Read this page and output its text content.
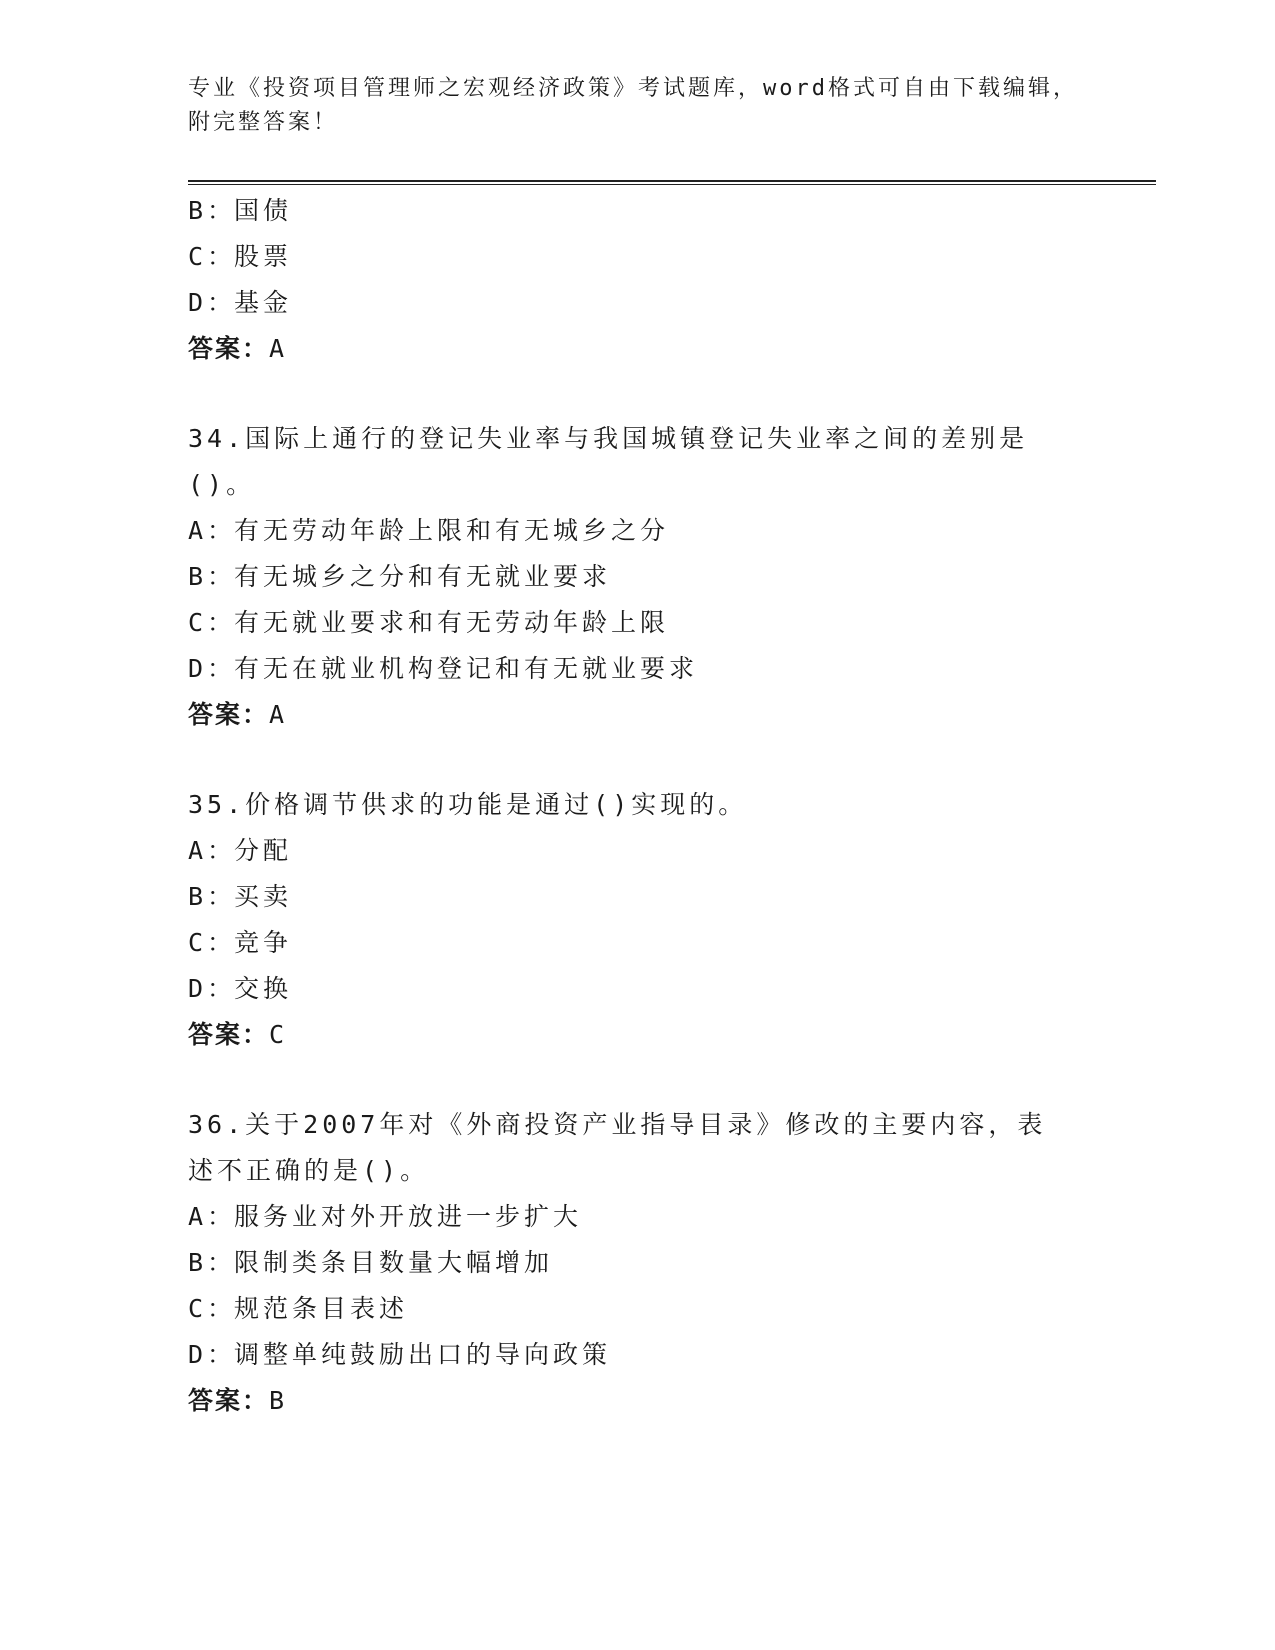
专业《投资项目管理师之宏观经济政策》考试题库，word格式可自由下载编辑，附完整答案！
B：国债
C：股票
D：基金
答案：A
34.国际上通行的登记失业率与我国城镇登记失业率之间的差别是()。
A：有无劳动年龄上限和有无城乡之分
B：有无城乡之分和有无就业要求
C：有无就业要求和有无劳动年龄上限
D：有无在就业机构登记和有无就业要求
答案：A
35.价格调节供求的功能是通过()实现的。
A：分配
B：买卖
C：竞争
D：交换
答案：C
36.关于2007年对《外商投资产业指导目录》修改的主要内容，表述不正确的是()。
A：服务业对外开放进一步扩大
B：限制类条目数量大幅增加
C：规范条目表述
D：调整单纯鼓励出口的导向政策
答案：B
